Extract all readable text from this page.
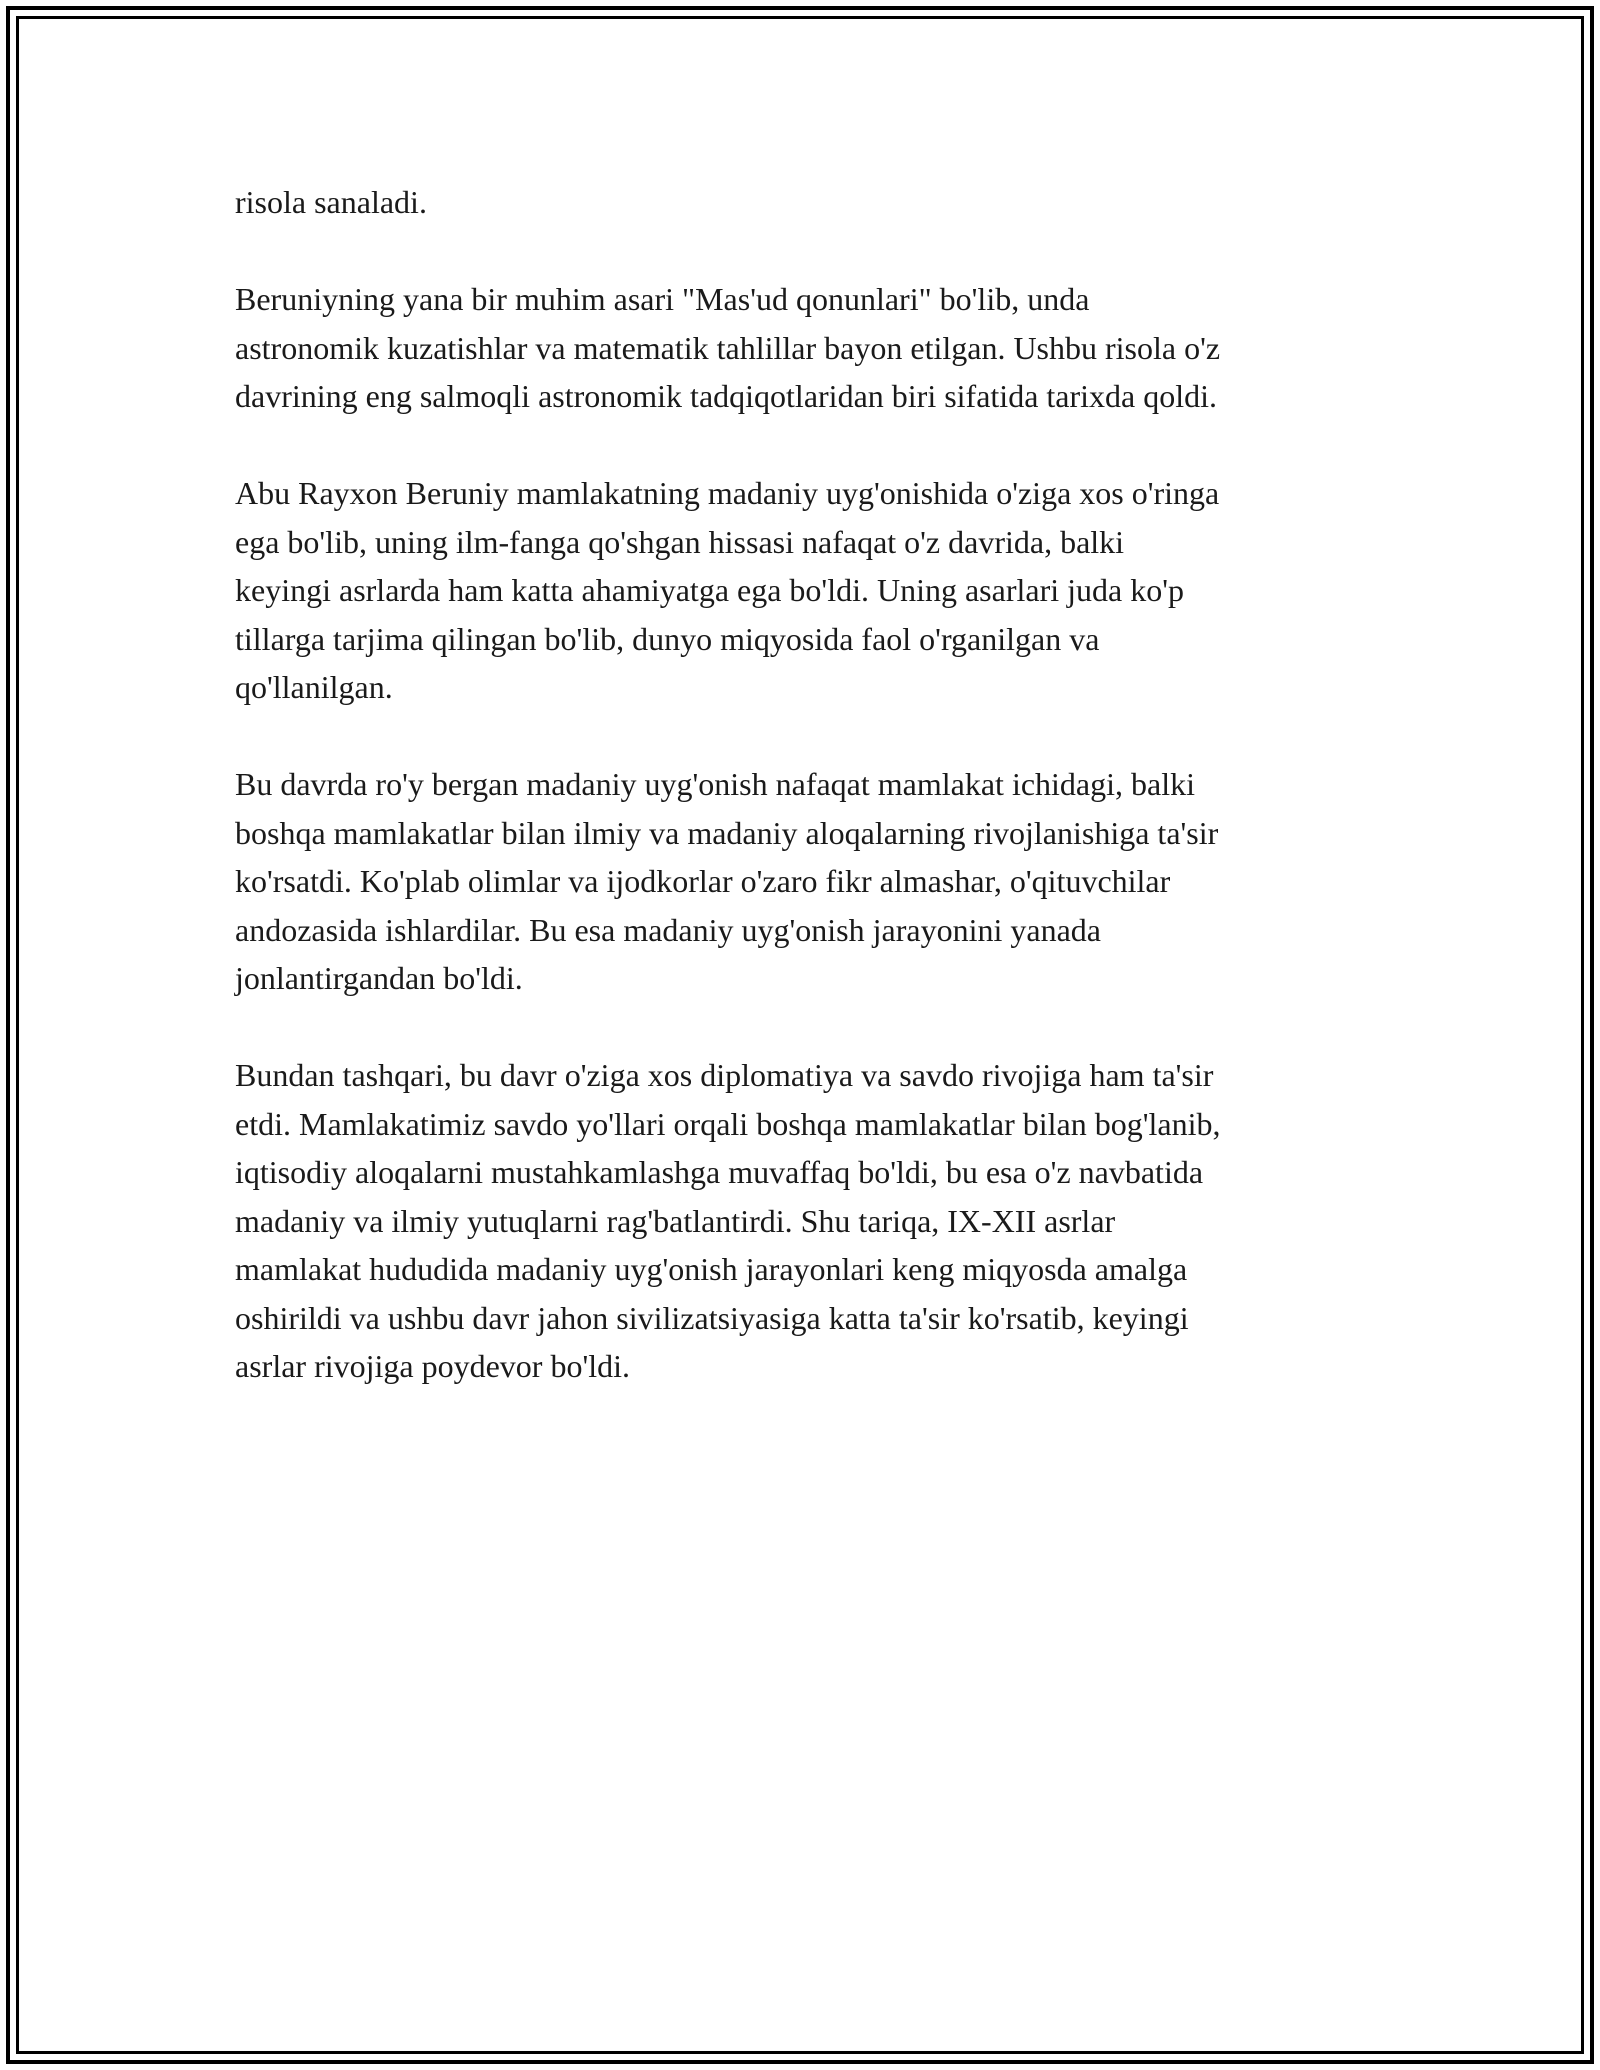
risola sanaladi.

Beruniyning yana bir muhim asari "Mas'ud qonunlari" bo'lib, unda
astronomik kuzatishlar va matematik tahlillar bayon etilgan. Ushbu risola o'z
davrining eng salmoqli astronomik tadqiqotlaridan biri sifatida tarixda qoldi.

Abu Rayxon Beruniy mamlakatning madaniy uyg'onishida o'ziga xos o'ringa
ega bo'lib, uning ilm-fanga qo'shgan hissasi nafaqat o'z davrida, balki
keyingi asrlarda ham katta ahamiyatga ega bo'ldi. Uning asarlari juda ko'p
tillarga tarjima qilingan bo'lib, dunyo miqyosida faol o'rganilgan va
qo'llanilgan.

Bu davrda ro'y bergan madaniy uyg'onish nafaqat mamlakat ichidagi, balki
boshqa mamlakatlar bilan ilmiy va madaniy aloqalarning rivojlanishiga ta'sir
ko'rsatdi. Ko'plab olimlar va ijodkorlar o'zaro fikr almashar, o'qituvchilar
andozasida ishlardilar. Bu esa madaniy uyg'onish jarayonini yanada
jonlantirgandan bo'ldi.

Bundan tashqari, bu davr o'ziga xos diplomatiya va savdo rivojiga ham ta'sir
etdi. Mamlakatimiz savdo yo'llari orqali boshqa mamlakatlar bilan bog'lanib,
iqtisodiy aloqalarni mustahkamlashga muvaffaq bo'ldi, bu esa o'z navbatida
madaniy va ilmiy yutuqlarni rag'batlantirdi. Shu tariqa, IX-XII asrlar
mamlakat hududida madaniy uyg'onish jarayonlari keng miqyosda amalga
oshirildi va ushbu davr jahon sivilizatsiyasiga katta ta'sir ko'rsatib, keyingi
asrlar rivojiga poydevor bo'ldi.
